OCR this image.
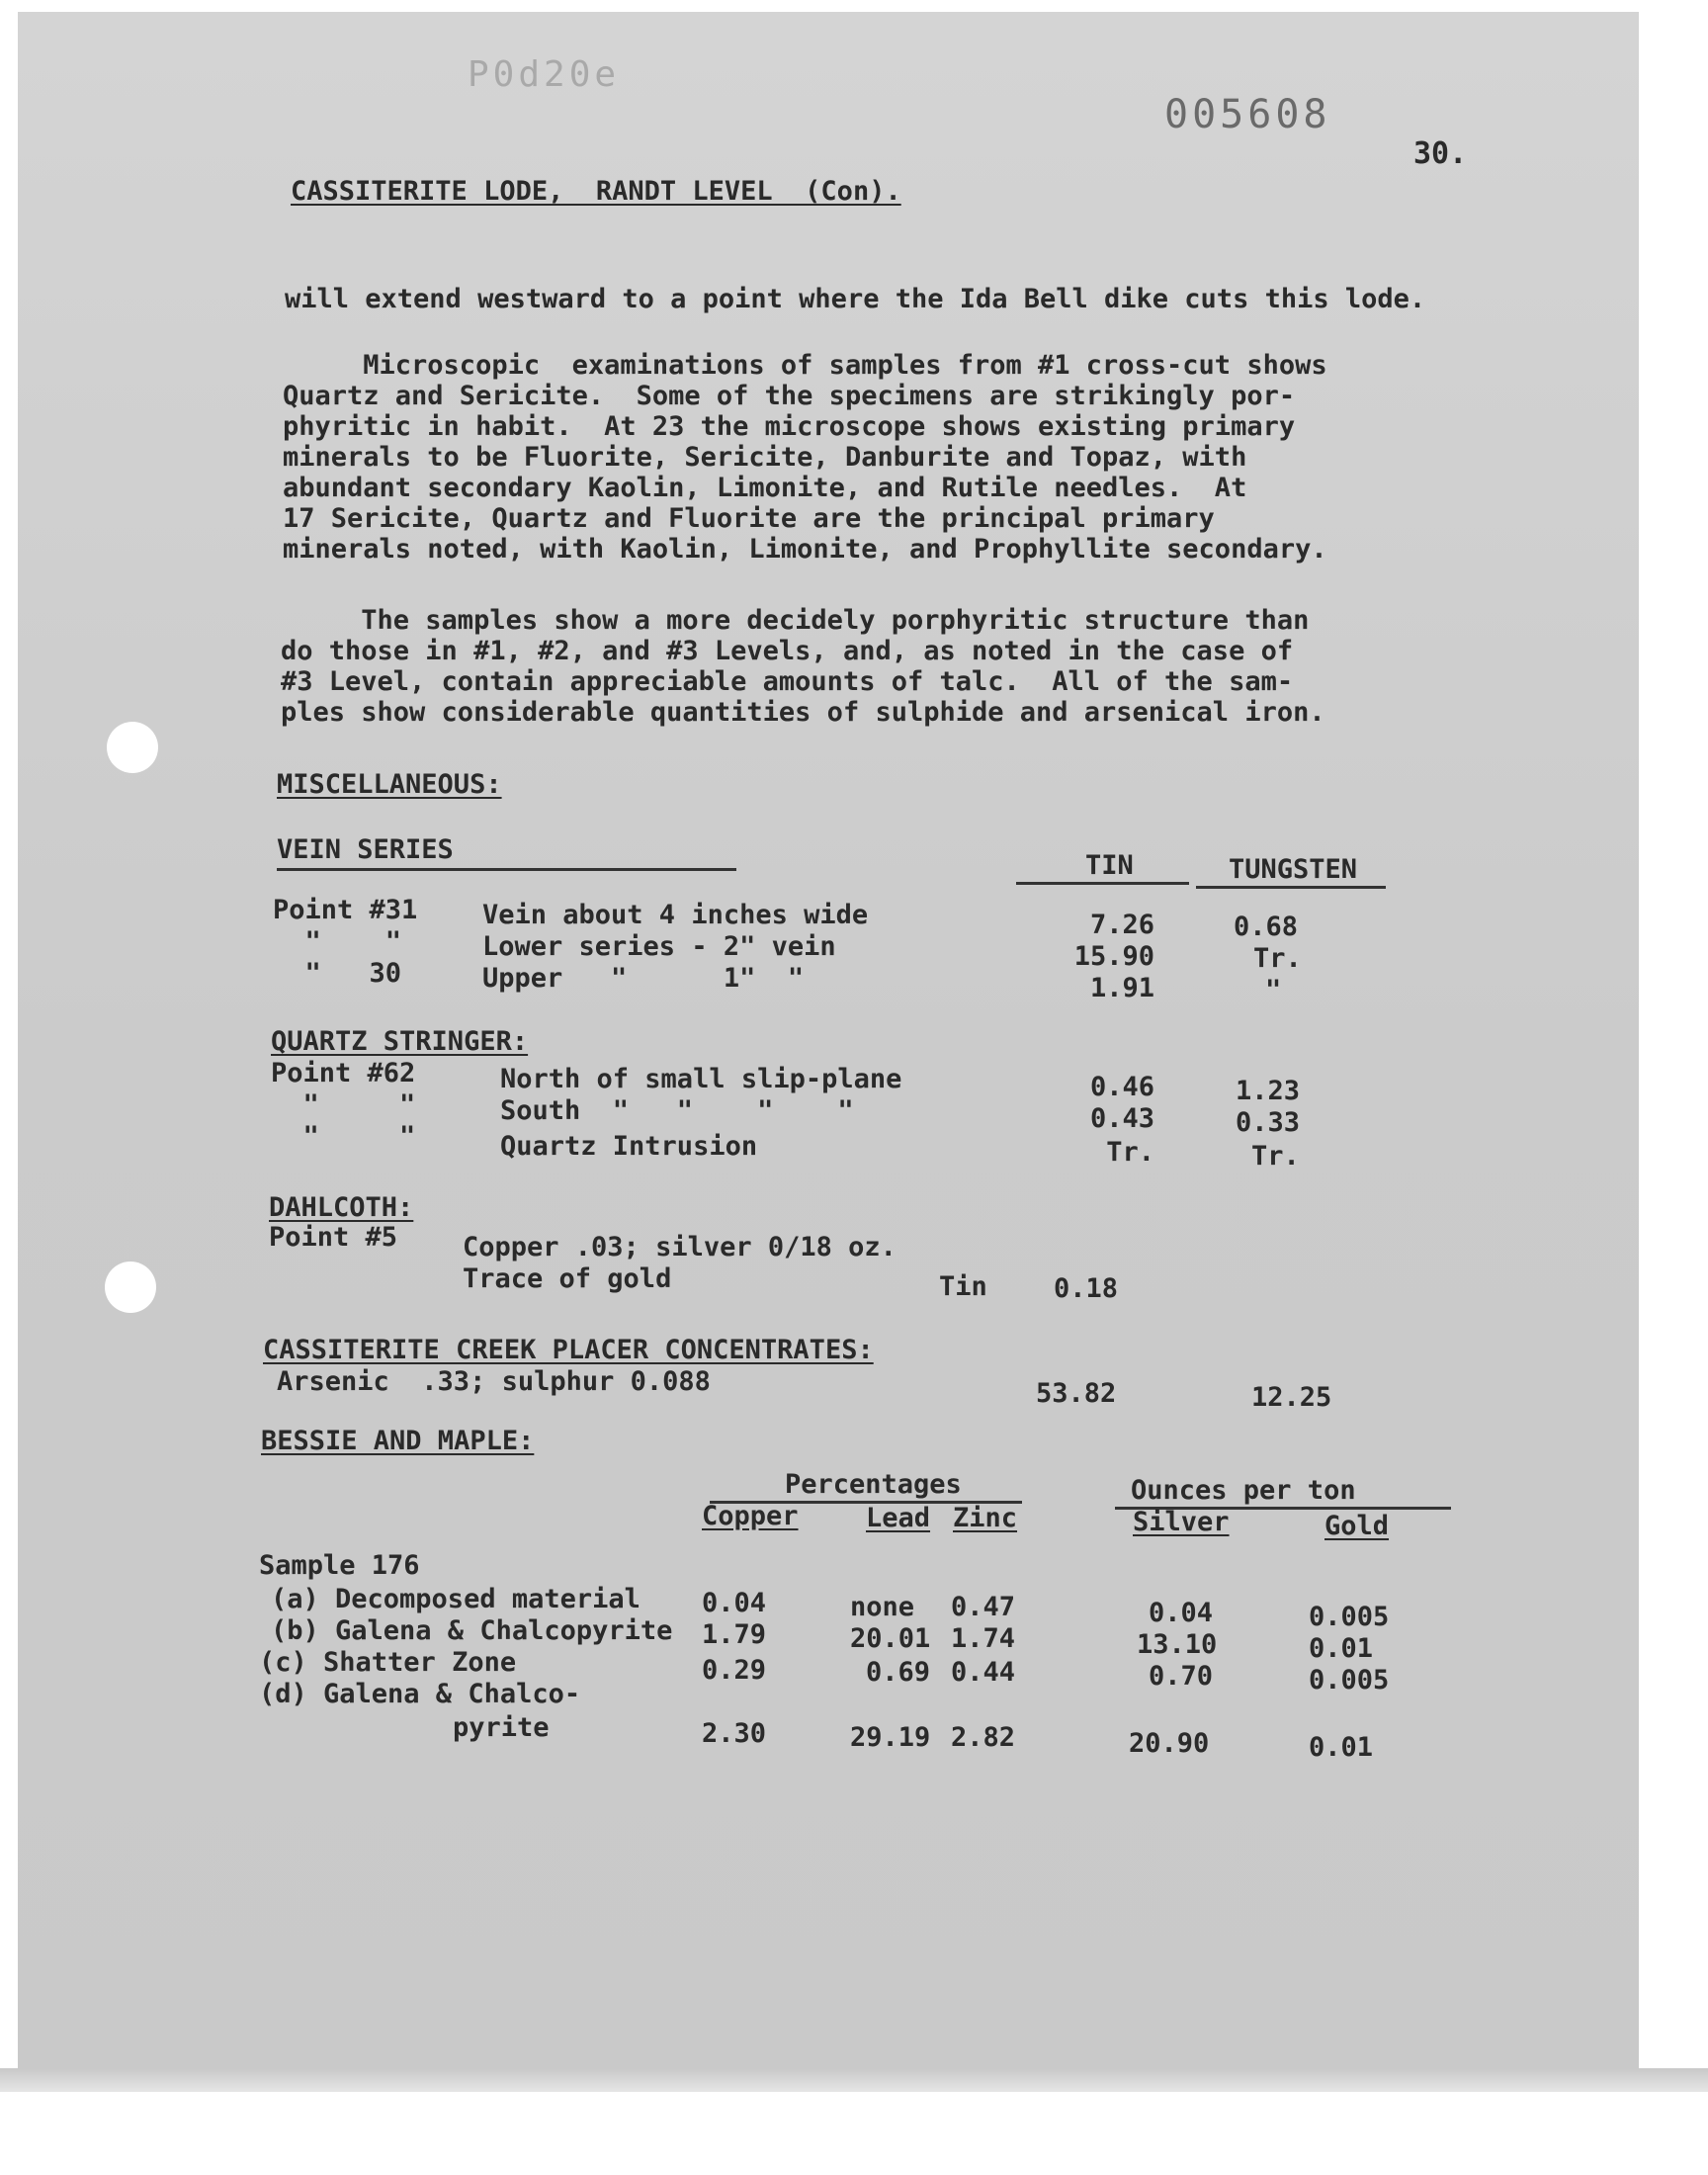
P0d20e
005608
30.
CASSITERITE LODE,  RANDT LEVEL  (Con).
will extend westward to a point where the Ida Bell dike cuts this lode.
Microscopic  examinations of samples from #1 cross-cut shows
Quartz and Sericite.  Some of the specimens are strikingly por-
phyritic in habit.  At 23 the microscope shows existing primary
minerals to be Fluorite, Sericite, Danburite and Topaz, with
abundant secondary Kaolin, Limonite, and Rutile needles.  At
17 Sericite, Quartz and Fluorite are the principal primary
minerals noted, with Kaolin, Limonite, and Prophyllite secondary.
The samples show a more decidely porphyritic structure than
do those in #1, #2, and #3 Levels, and, as noted in the case of
#3 Level, contain appreciable amounts of talc.  All of the sam-
ples show considerable quantities of sulphide and arsenical iron.
MISCELLANEOUS:
VEIN SERIES
TIN	TUNGSTEN
Point #31 Vein about 4 inches wide	7.26	0.68
"    "	Lower series - 2" vein	15.90	Tr.
"   30	Upper   "      1"  "	1.91	"
QUARTZ STRINGER:
Point #62	North of small slip-plane	0.46	1.23
"     "	South  "   "    "    "	0.43	0.33
"     "	Quartz Intrusion	Tr.	Tr.
DAHLCOTH:
Point #5 Copper .03; silver 0/18 oz.
Trace of gold	Tin 0.18
CASSITERITE CREEK PLACER CONCENTRATES:
Arsenic  .33; sulphur 0.088	53.82	12.25
BESSIE AND MAPLE:
Percentages	Ounces per ton
Copper	Lead Zinc	Silver	Gold
Sample 176
(a) Decomposed material 0.04	none 0.47	0.04	0.005
(b) Galena & Chalcopyrite 1.79	20.01 1.74	13.10	0.01
(c) Shatter Zone	0.29	0.69 0.44	0.70	0.005
(d) Galena & Chalco-
pyrite	2.30	29.19 2.82	20.90	0.01
